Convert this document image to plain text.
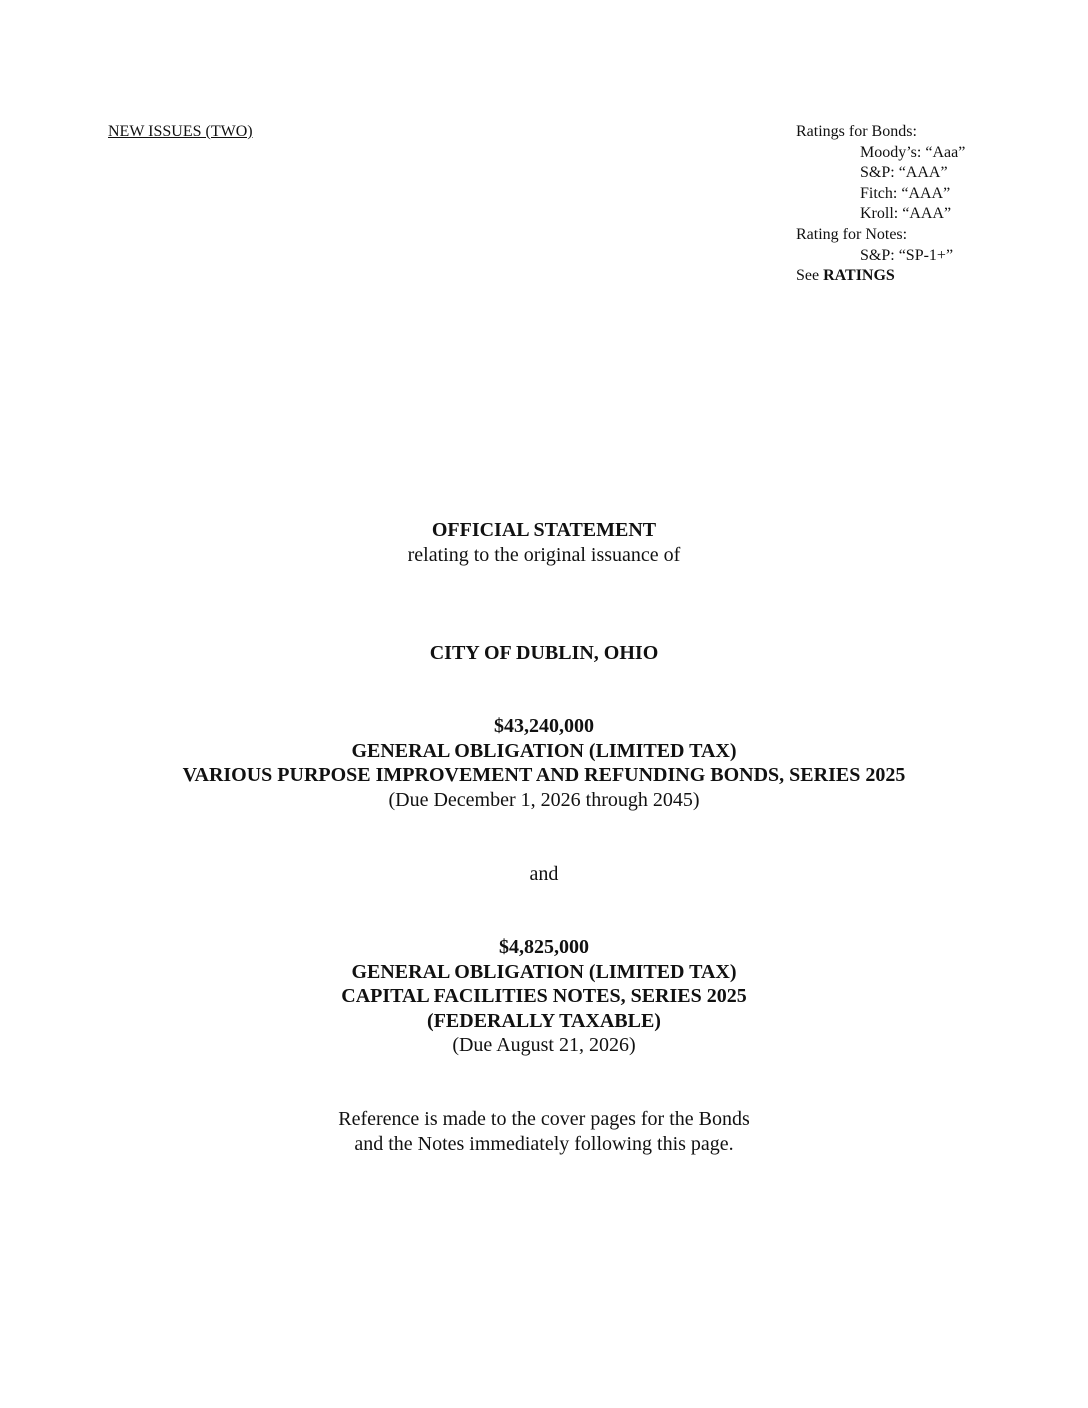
NEW ISSUES (TWO)	Ratings for Bonds:
Moody’s: “Aaa”
S&P: “AAA”
Fitch: “AAA”
Kroll: “AAA”
Rating for Notes:
S&P: “SP-1+”
See RATINGS
OFFICIAL STATEMENT
relating to the original issuance of
CITY OF DUBLIN, OHIO
$43,240,000
GENERAL OBLIGATION (LIMITED TAX)
VARIOUS PURPOSE IMPROVEMENT AND REFUNDING BONDS, SERIES 2025
(Due December 1, 2026 through 2045)
and
$4,825,000
GENERAL OBLIGATION (LIMITED TAX)
CAPITAL FACILITIES NOTES, SERIES 2025
(FEDERALLY TAXABLE)
(Due August 21, 2026)
Reference is made to the cover pages for the Bonds
and the Notes immediately following this page.
